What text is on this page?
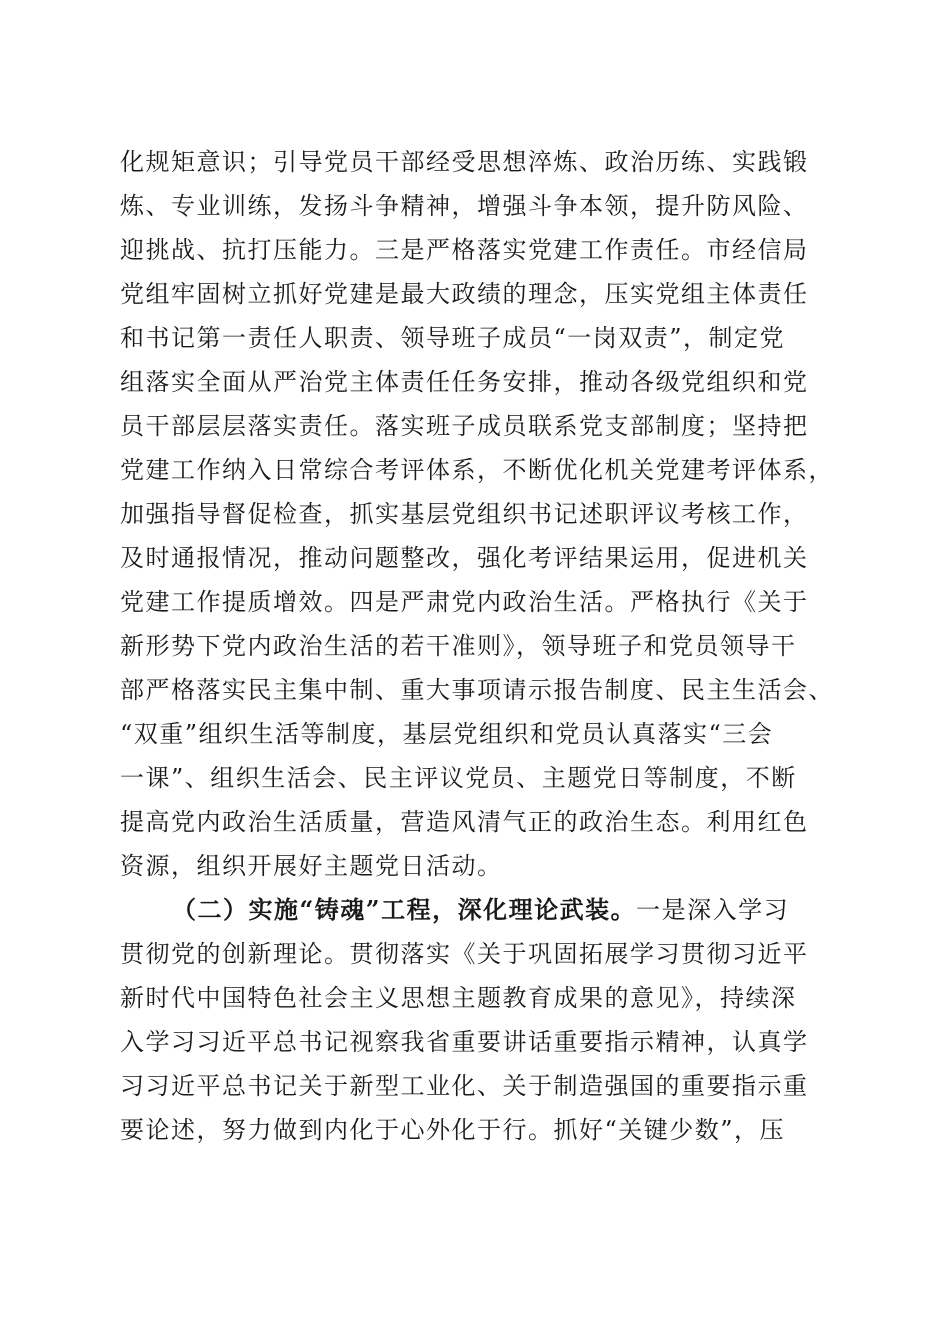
化规矩意识；引导党员干部经受思想淬炼、政治历练、实践锻
炼、专业训练，发扬斗争精神，增强斗争本领，提升防风险、
迎挑战、抗打压能力。三是严格落实党建工作责任。市经信局
党组牢固树立抓好党建是最大政绩的理念，压实党组主体责任
和书记第一责任人职责、领导班子成员“一岗双责”，制定党
组落实全面从严治党主体责任任务安排，推动各级党组织和党
员干部层层落实责任。落实班子成员联系党支部制度；坚持把
党建工作纳入日常综合考评体系，不断优化机关党建考评体系，
加强指导督促检查，抓实基层党组织书记述职评议考核工作，
及时通报情况，推动问题整改，强化考评结果运用，促进机关
党建工作提质增效。四是严肃党内政治生活。严格执行《关于
新形势下党内政治生活的若干准则》，领导班子和党员领导干
部严格落实民主集中制、重大事项请示报告制度、民主生活会、
“双重”组织生活等制度，基层党组织和党员认真落实“三会
一课”、组织生活会、民主评议党员、主题党日等制度，不断
提高党内政治生活质量，营造风清气正的政治生态。利用红色
资源，组织开展好主题党日活动。
（二）实施“铸魂”工程，深化理论武装。一是深入学习
贯彻党的创新理论。贯彻落实《关于巩固拓展学习贯彻习近平
新时代中国特色社会主义思想主题教育成果的意见》，持续深
入学习习近平总书记视察我省重要讲话重要指示精神，认真学
习习近平总书记关于新型工业化、关于制造强国的重要指示重
要论述，努力做到内化于心外化于行。抓好“关键少数”，压
